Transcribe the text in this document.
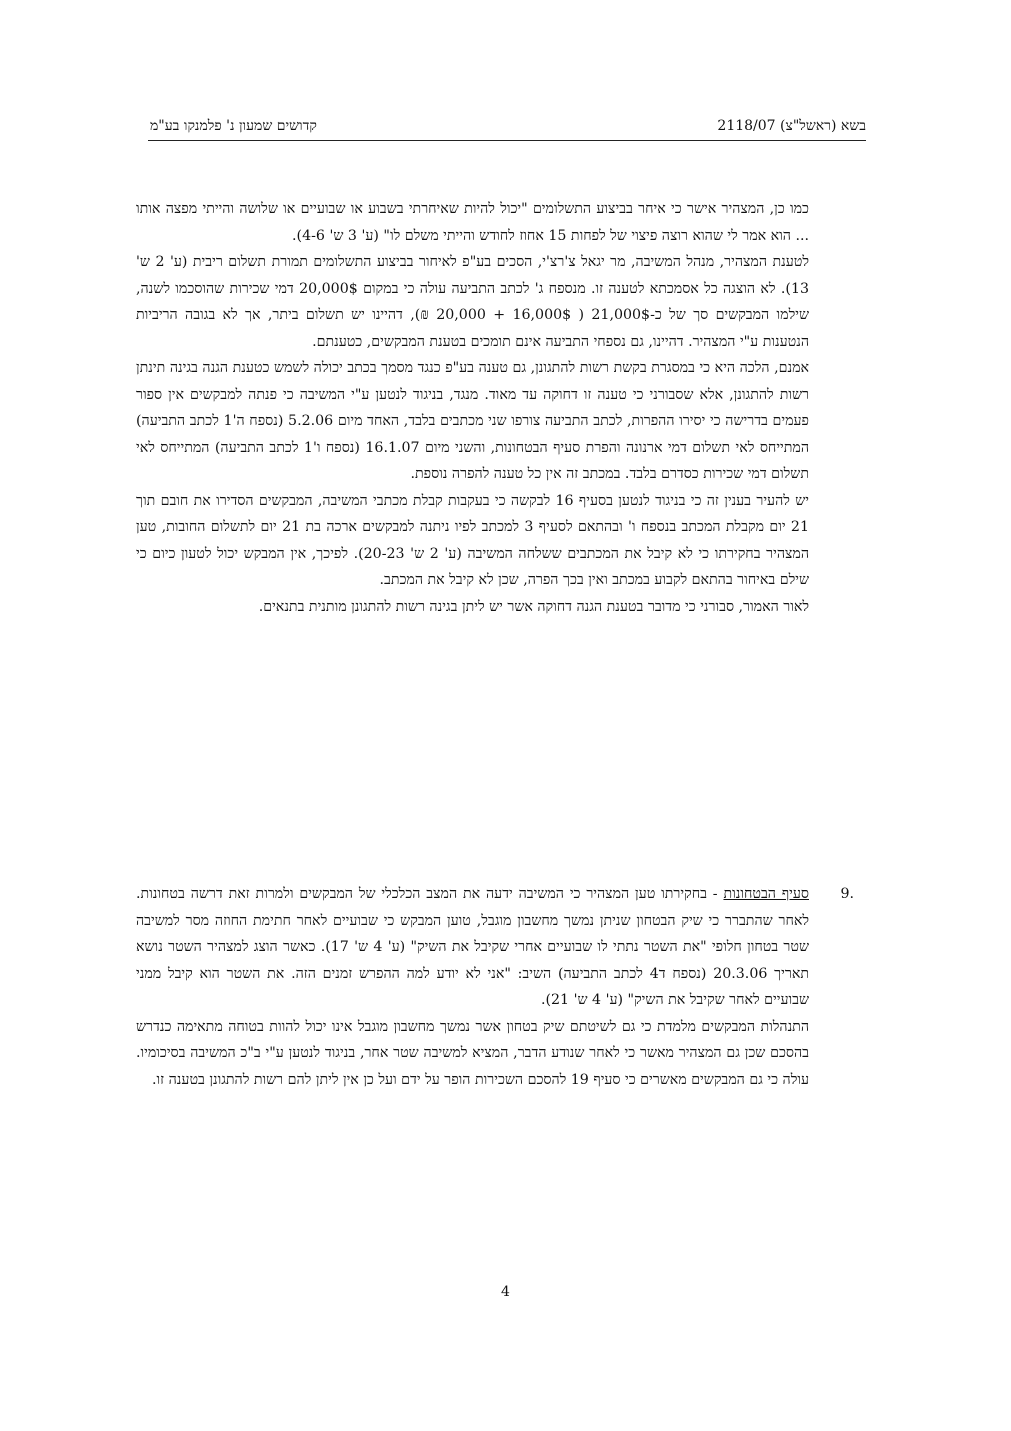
בשא (ראשל"צ) 2118/07
קדושים שמעון נ' פלמנקו בע"מ

כמו כן, המצהיר אישר כי איחר בביצוע התשלומים "יכול להיות שאיחרתי בשבוע או שבועיים או שלושה והייתי מפצה אותו ... הוא אמר לי שהוא רוצה פיצוי של לפחות 15 אחוז לחודש והייתי משלם לו" (ע' 3 ש' 4-6).

לטענת המצהיר, מנהל המשיבה, מר יגאל צ'רצ'י, הסכים בע"פ לאיחור בביצוע התשלומים תמורת תשלום ריבית (ע' 2 ש' 13). לא הוצגה כל אסמכתא לטענה זו. מנספח ג' לכתב התביעה עולה כי במקום 20,000$ דמי שכירות שהוסכמו לשנה, שילמו המבקשים סך של כ-21,000$ ( 16,000$ + 20,000 ₪), דהיינו יש תשלום ביתר, אך לא בגובה הריביות הנטענות ע"י המצהיר. דהיינו, גם נספחי התביעה אינם תומכים בטענת המבקשים, כטענתם.

אמנם, הלכה היא כי במסגרת בקשת רשות להתגונן, גם טענה בע"פ כנגד מסמך בכתב יכולה לשמש כטענת הגנה בגינה תינתן רשות להתגונן, אלא שסבורני כי טענה זו דחוקה עד מאוד. מנגד, בניגוד לנטען ע"י המשיבה כי פנתה למבקשים אין ספור פעמים בדרישה כי יסירו ההפרות, לכתב התביעה צורפו שני מכתבים בלבד, האחד מיום 5.2.06 (נספח ה'1 לכתב התביעה) המתייחס לאי תשלום דמי ארנונה והפרת סעיף הבטחונות, והשני מיום 16.1.07 (נספח ו'1 לכתב התביעה) המתייחס לאי תשלום דמי שכירות כסדרם בלבד. במכתב זה אין כל טענה להפרה נוספת.

יש להעיר בענין זה כי בניגוד לנטען בסעיף 16 לבקשה כי בעקבות קבלת מכתבי המשיבה, המבקשים הסדירו את חובם תוך 21 יום מקבלת המכתב בנספח ו' ובהתאם לסעיף 3 למכתב לפיו ניתנה למבקשים ארכה בת 21 יום לתשלום החובות, טען המצהיר בחקירתו כי לא קיבל את המכתבים ששלחה המשיבה (ע' 2 ש' 20-23). לפיכך, אין המבקש יכול לטעון כיום כי שילם באיחור בהתאם לקבוע במכתב ואין בכך הפרה, שכן לא קיבל את המכתב.

לאור האמור, סבורני כי מדובר בטענת הגנה דחוקה אשר יש ליתן בגינה רשות להתגונן מותנית בתנאים.

.9

סעיף הבטחונות - בחקירתו טען המצהיר כי המשיבה ידעה את המצב הכלכלי של המבקשים ולמרות זאת דרשה בטחונות. לאחר שהתברר כי שיק הבטחון שניתן נמשך מחשבון מוגבל, טוען המבקש כי שבועיים לאחר חתימת החוזה מסר למשיבה שטר בטחון חלופי "את השטר נתתי לו שבועיים אחרי שקיבל את השיק" (ע' 4 ש' 17). כאשר הוצג למצהיר השטר נושא תאריך 20.3.06 (נספח ד4 לכתב התביעה) השיב: "אני לא יודע למה ההפרש זמנים הזה. את השטר הוא קיבל ממני שבועיים לאחר שקיבל את השיק" (ע' 4 ש' 21).

התנהלות המבקשים מלמדת כי גם לשיטתם שיק בטחון אשר נמשך מחשבון מוגבל אינו יכול להוות בטוחה מתאימה כנדרש בהסכם שכן גם המצהיר מאשר כי לאחר שנודע הדבר, המציא למשיבה שטר אחר, בניגוד לנטען ע"י ב"כ המשיבה בסיכומיו. עולה כי גם המבקשים מאשרים כי סעיף 19 להסכם השכירות הופר על ידם ועל כן אין ליתן להם רשות להתגונן בטענה זו.

4
